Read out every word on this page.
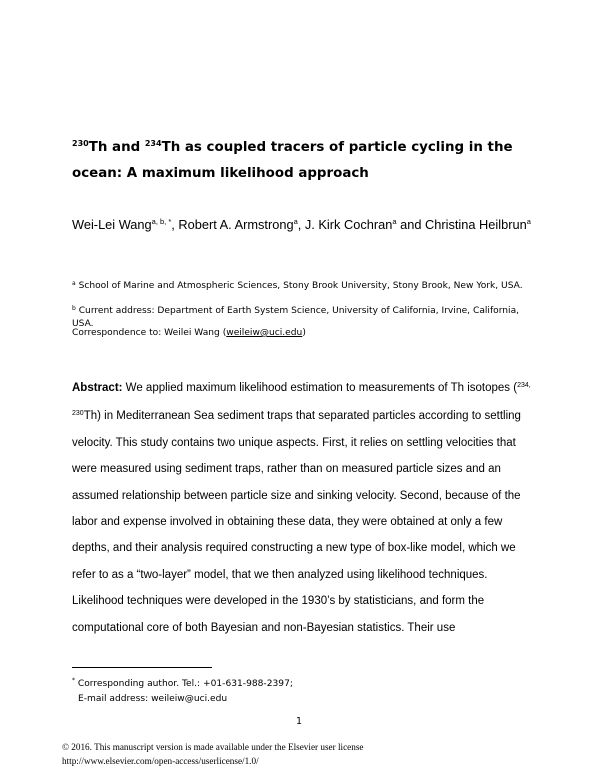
$^{230}$Th and $^{234}$Th as coupled tracers of particle cycling in the ocean: A maximum likelihood approach
Wei-Lei Wang$^{a, b, *}$, Robert A. Armstrong$^a$, J. Kirk Cochran$^a$ and Christina Heilbrun$^a$
$^a$ School of Marine and Atmospheric Sciences, Stony Brook University, Stony Brook, New York, USA.
$^b$ Current address: Department of Earth System Science, University of California, Irvine, California, USA.
Correspondence to: Weilei Wang (weileiw@uci.edu)
Abstract: We applied maximum likelihood estimation to measurements of Th isotopes ($^{234, 230}$Th) in Mediterranean Sea sediment traps that separated particles according to settling velocity. This study contains two unique aspects. First, it relies on settling velocities that were measured using sediment traps, rather than on measured particle sizes and an assumed relationship between particle size and sinking velocity. Second, because of the labor and expense involved in obtaining these data, they were obtained at only a few depths, and their analysis required constructing a new type of box-like model, which we refer to as a “two-layer” model, that we then analyzed using likelihood techniques. Likelihood techniques were developed in the 1930’s by statisticians, and form the computational core of both Bayesian and non-Bayesian statistics. Their use
* Corresponding author. Tel.: +01-631-988-2397;
E-mail address: weileiw@uci.edu
1
© 2016. This manuscript version is made available under the Elsevier user license
http://www.elsevier.com/open-access/userlicense/1.0/
